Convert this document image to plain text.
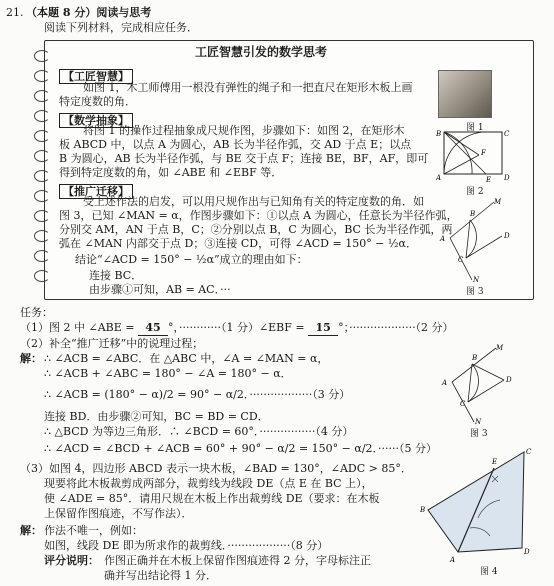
21. （本题 8 分）阅读与思考
阅读下列材料，完成相应任务．
工匠智慧引发的数学思考
【工匠智慧】
如图 1，木工师傅用一根没有弹性的绳子和一把直尺在矩形木板上画
特定度数的角．
【数学抽象】
将图 1 的操作过程抽象成尺规作图，步骤如下：如图 2，在矩形木
板 ABCD 中，以点 A 为圆心，AB 长为半径作弧，交 AD 于点 E；以点
B 为圆心，AB 长为半径作弧，与 BE 交于点 F；连接 BE，BF，AF，即可
得到特定度数的角，如 ∠ABE 和 ∠EBF 等．
【推广迁移】
受上述作法的启发，可以用尺规作出与已知角有关的特定度数的角．如
图 3，已知 ∠MAN = α，作图步骤如下：①以点 A 为圆心，任意长为半径作弧，
分别交 AM，AN 于点 B，C；②分别以点 B，C 为圆心，BC 长为半径作弧，两
弧在 ∠MAN 内部交于点 D；③连接 CD，可得 ∠ACD = 150° − ½α．
结论“∠ACD = 150° − ½α”成立的理由如下：
连接 BC．
由步骤①可知，AB = AC．···
图 1
B	C
A	E D
F
图 2
A
M
B
D
C
N
图 3
任务：
（1）图 2 中 ∠ABE = 45 °，············（1 分）∠EBF = 15 °；···················（2 分）
（2）补全“推广迁移”中的说理过程；
解： ∴ ∠ACB = ∠ABC．在 △ABC 中，∠A = ∠MAN = α，
∴ ∠ACB + ∠ABC = 180° − ∠A = 180° − α．
∴ ∠ACB = (180° − α)/2 = 90° − α/2．··················（3 分）
连接 BD．由步骤②可知，BC = BD = CD．
∴ △BCD 为等边三角形．∴ ∠BCD = 60°．················（4 分）
∴ ∠ACD = ∠BCD + ∠ACB = 60° + 90° − α/2 = 150° − α/2．······（5 分）
A
M
B
D
C
N
图 3
（3）如图 4，四边形 ABCD 表示一块木板，∠BAD = 130°，∠ADC > 85°．
现要将此木板裁剪成两部分，裁剪线为线段 DE（点 E 在 BC 上），
使 ∠ADE = 85°．请用尺规在木板上作出裁剪线 DE（要求：在木板
上保留作图痕迹，不写作法）．
解： 作法不唯一，例如：
如图，线段 DE 即为所求作的裁剪线．··················（8 分）
评分说明： 作图正确并在木板上保留作图痕迹得 2 分，字母标注正
确并写出结论得 1 分．
B
C
E
A
D
图 4
